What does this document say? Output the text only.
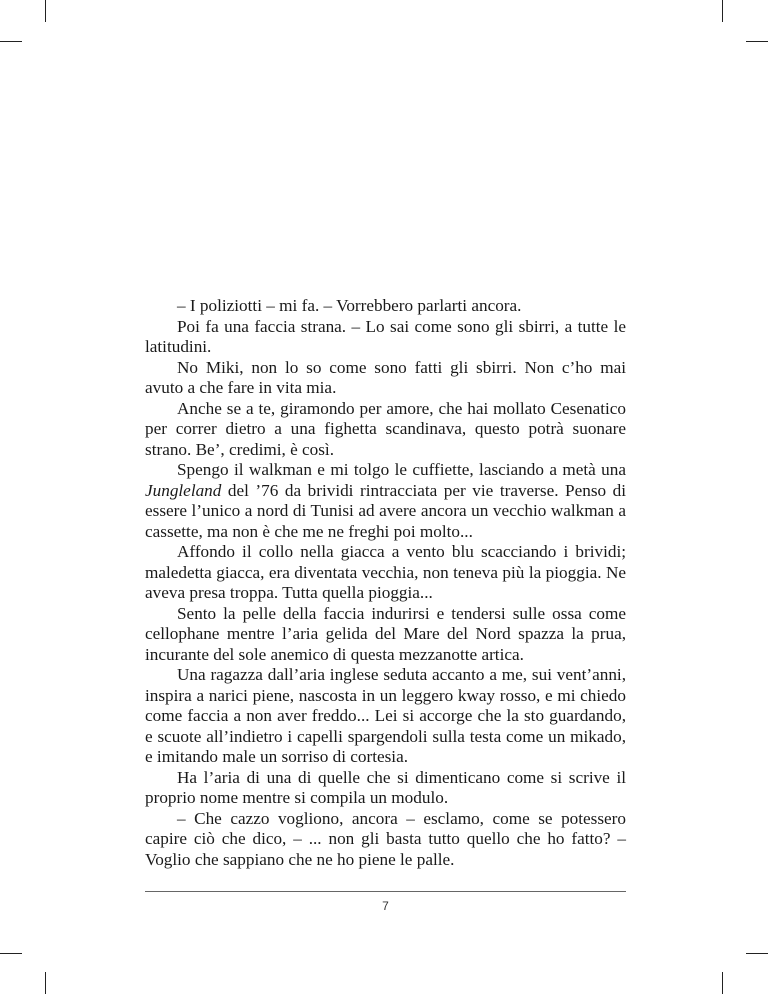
– I poliziotti – mi fa. – Vorrebbero parlarti ancora.

Poi fa una faccia strana. – Lo sai come sono gli sbirri, a tutte le latitudini.

No Miki, non lo so come sono fatti gli sbirri. Non c’ho mai avuto a che fare in vita mia.

Anche se a te, giramondo per amore, che hai mollato Cesenatico per correr dietro a una fighetta scandinava, questo potrà suonare strano. Be’, credimi, è così.

Spengo il walkman e mi tolgo le cuffiette, lasciando a metà una Jungleland del ’76 da brividi rintracciata per vie traverse. Penso di essere l’unico a nord di Tunisi ad avere ancora un vecchio walkman a cassette, ma non è che me ne freghi poi molto...

Affondo il collo nella giacca a vento blu scacciando i brividi; maledetta giacca, era diventata vecchia, non teneva più la pioggia. Ne aveva presa troppa. Tutta quella pioggia...

Sento la pelle della faccia indurirsi e tendersi sulle ossa come cellophane mentre l’aria gelida del Mare del Nord spazza la prua, incurante del sole anemico di questa mezzanotte artica.

Una ragazza dall’aria inglese seduta accanto a me, sui vent’anni, inspira a narici piene, nascosta in un leggero kway rosso, e mi chiedo come faccia a non aver freddo... Lei si accorge che la sto guardando, e scuote all’indietro i capelli spargendoli sulla testa come un mikado, e imitando male un sorriso di cortesia.

Ha l’aria di una di quelle che si dimenticano come si scrive il proprio nome mentre si compila un modulo.

– Che cazzo vogliono, ancora – esclamo, come se potessero capire ciò che dico, – ... non gli basta tutto quello che ho fatto? – Voglio che sappiano che ne ho piene le palle.

7
